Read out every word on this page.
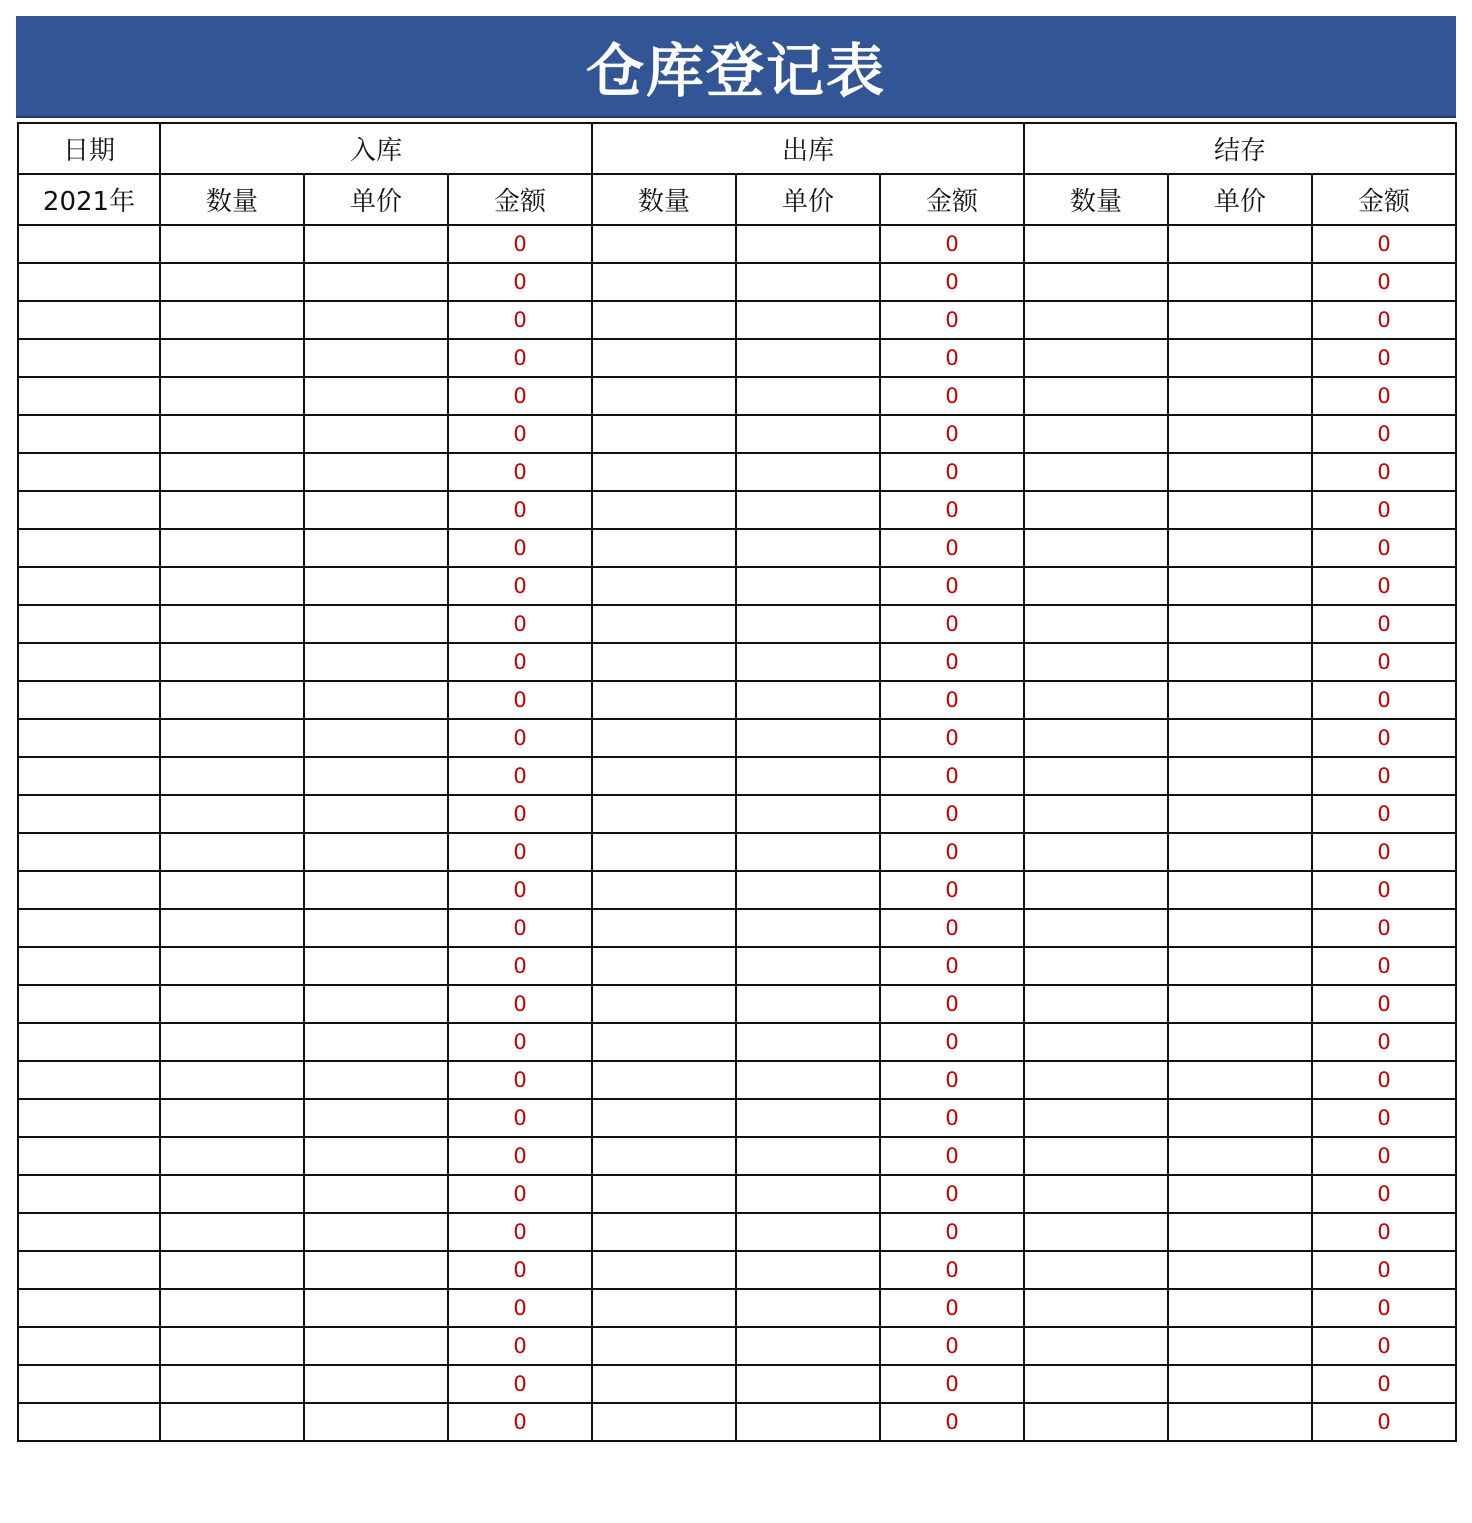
仓库登记表
日期	入库			出库			结存		
2021年	数量	单价	金额	数量	单价	金额	数量	单价	金额
			0			0			0
			0			0			0
			0			0			0
			0			0			0
			0			0			0
			0			0			0
			0			0			0
			0			0			0
			0			0			0
			0			0			0
			0			0			0
			0			0			0
			0			0			0
			0			0			0
			0			0			0
			0			0			0
			0			0			0
			0			0			0
			0			0			0
			0			0			0
			0			0			0
			0			0			0
			0			0			0
			0			0			0
			0			0			0
			0			0			0
			0			0			0
			0			0			0
			0			0			0
			0			0			0
			0			0			0
			0			0			0
